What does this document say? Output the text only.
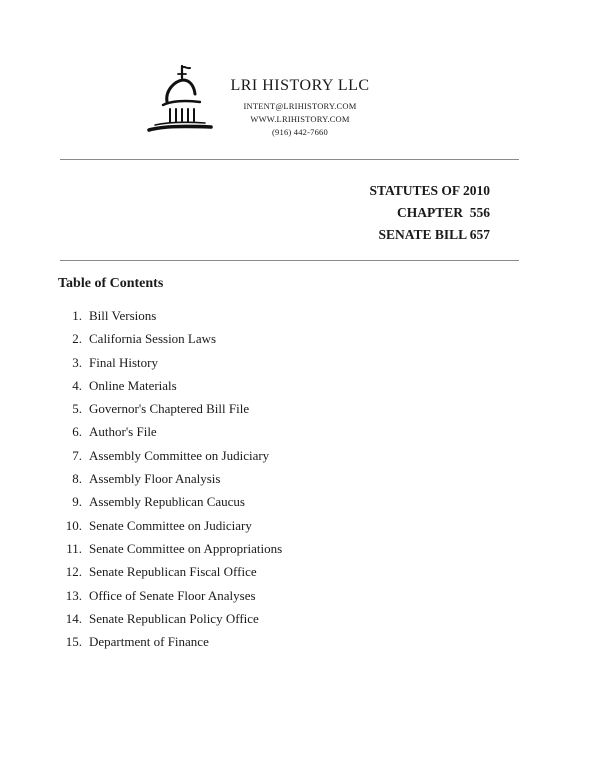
LRI HISTORY LLC
INTENT@LRIHISTORY.COM
WWW.LRIHISTORY.COM
(916) 442-7660
STATUTES OF 2010
CHAPTER  556
SENATE BILL 657
Table of Contents
1. Bill Versions
2. California Session Laws
3. Final History
4. Online Materials
5. Governor's Chaptered Bill File
6. Author's File
7. Assembly Committee on Judiciary
8. Assembly Floor Analysis
9. Assembly Republican Caucus
10. Senate Committee on Judiciary
11. Senate Committee on Appropriations
12. Senate Republican Fiscal Office
13. Office of Senate Floor Analyses
14. Senate Republican Policy Office
15. Department of Finance
